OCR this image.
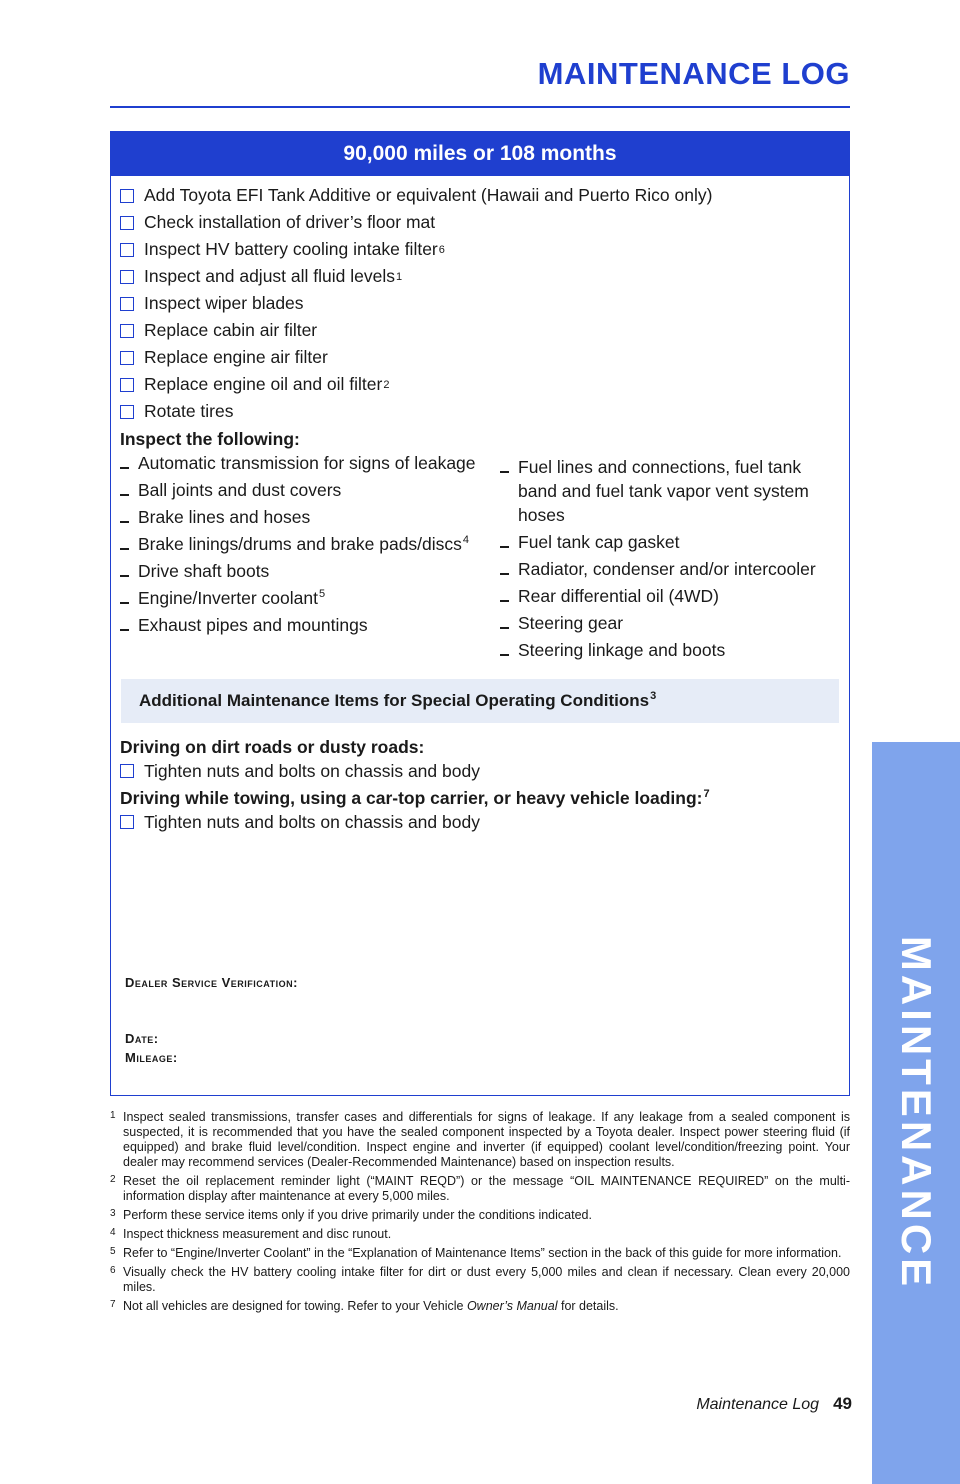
MAINTENANCE LOG
MAINTENANCE
90,000 miles or 108 months
Add Toyota EFI Tank Additive or equivalent (Hawaii and Puerto Rico only)
Check installation of driver’s floor mat
Inspect HV battery cooling intake filter 6
Inspect and adjust all fluid levels 1
Inspect wiper blades
Replace cabin air filter
Replace engine air filter
Replace engine oil and oil filter 2
Rotate tires
Inspect the following:
Automatic transmission for signs of leakage
Ball joints and dust covers
Brake lines and hoses
Brake linings/drums and brake pads/discs$^4$
Drive shaft boots
Engine/Inverter coolant$^5$
Exhaust pipes and mountings
Fuel lines and connections, fuel tank band and fuel tank vapor vent system hoses
Fuel tank cap gasket
Radiator, condenser and/or intercooler
Rear differential oil (4WD)
Steering gear
Steering linkage and boots
Additional Maintenance Items for Special Operating Conditions$^3$
Driving on dirt roads or dusty roads:
Tighten nuts and bolts on chassis and body
Driving while towing, using a car-top carrier, or heavy vehicle loading:$^7$
Tighten nuts and bolts on chassis and body
Dealer Service Verification:
Date:
Mileage:
1 Inspect sealed transmissions, transfer cases and differentials for signs of leakage. If any leakage from a sealed component is suspected, it is recommended that you have the sealed component inspected by a Toyota dealer. Inspect power steering fluid (if equipped) and brake fluid level/condition. Inspect engine and inverter (if equipped) coolant level/condition/freezing point. Your dealer may recommend services (Dealer-Recommended Maintenance) based on inspection results.
2 Reset the oil replacement reminder light (“MAINT REQD”) or the message “OIL MAINTENANCE REQUIRED” on the multi-information display after maintenance at every 5,000 miles.
3 Perform these service items only if you drive primarily under the conditions indicated.
4 Inspect thickness measurement and disc runout.
5 Refer to “Engine/Inverter Coolant” in the “Explanation of Maintenance Items” section in the back of this guide for more information.
6 Visually check the HV battery cooling intake filter for dirt or dust every 5,000 miles and clean if necessary. Clean every 20,000 miles.
7 Not all vehicles are designed for towing. Refer to your Vehicle Owner’s Manual for details.
Maintenance Log 49
